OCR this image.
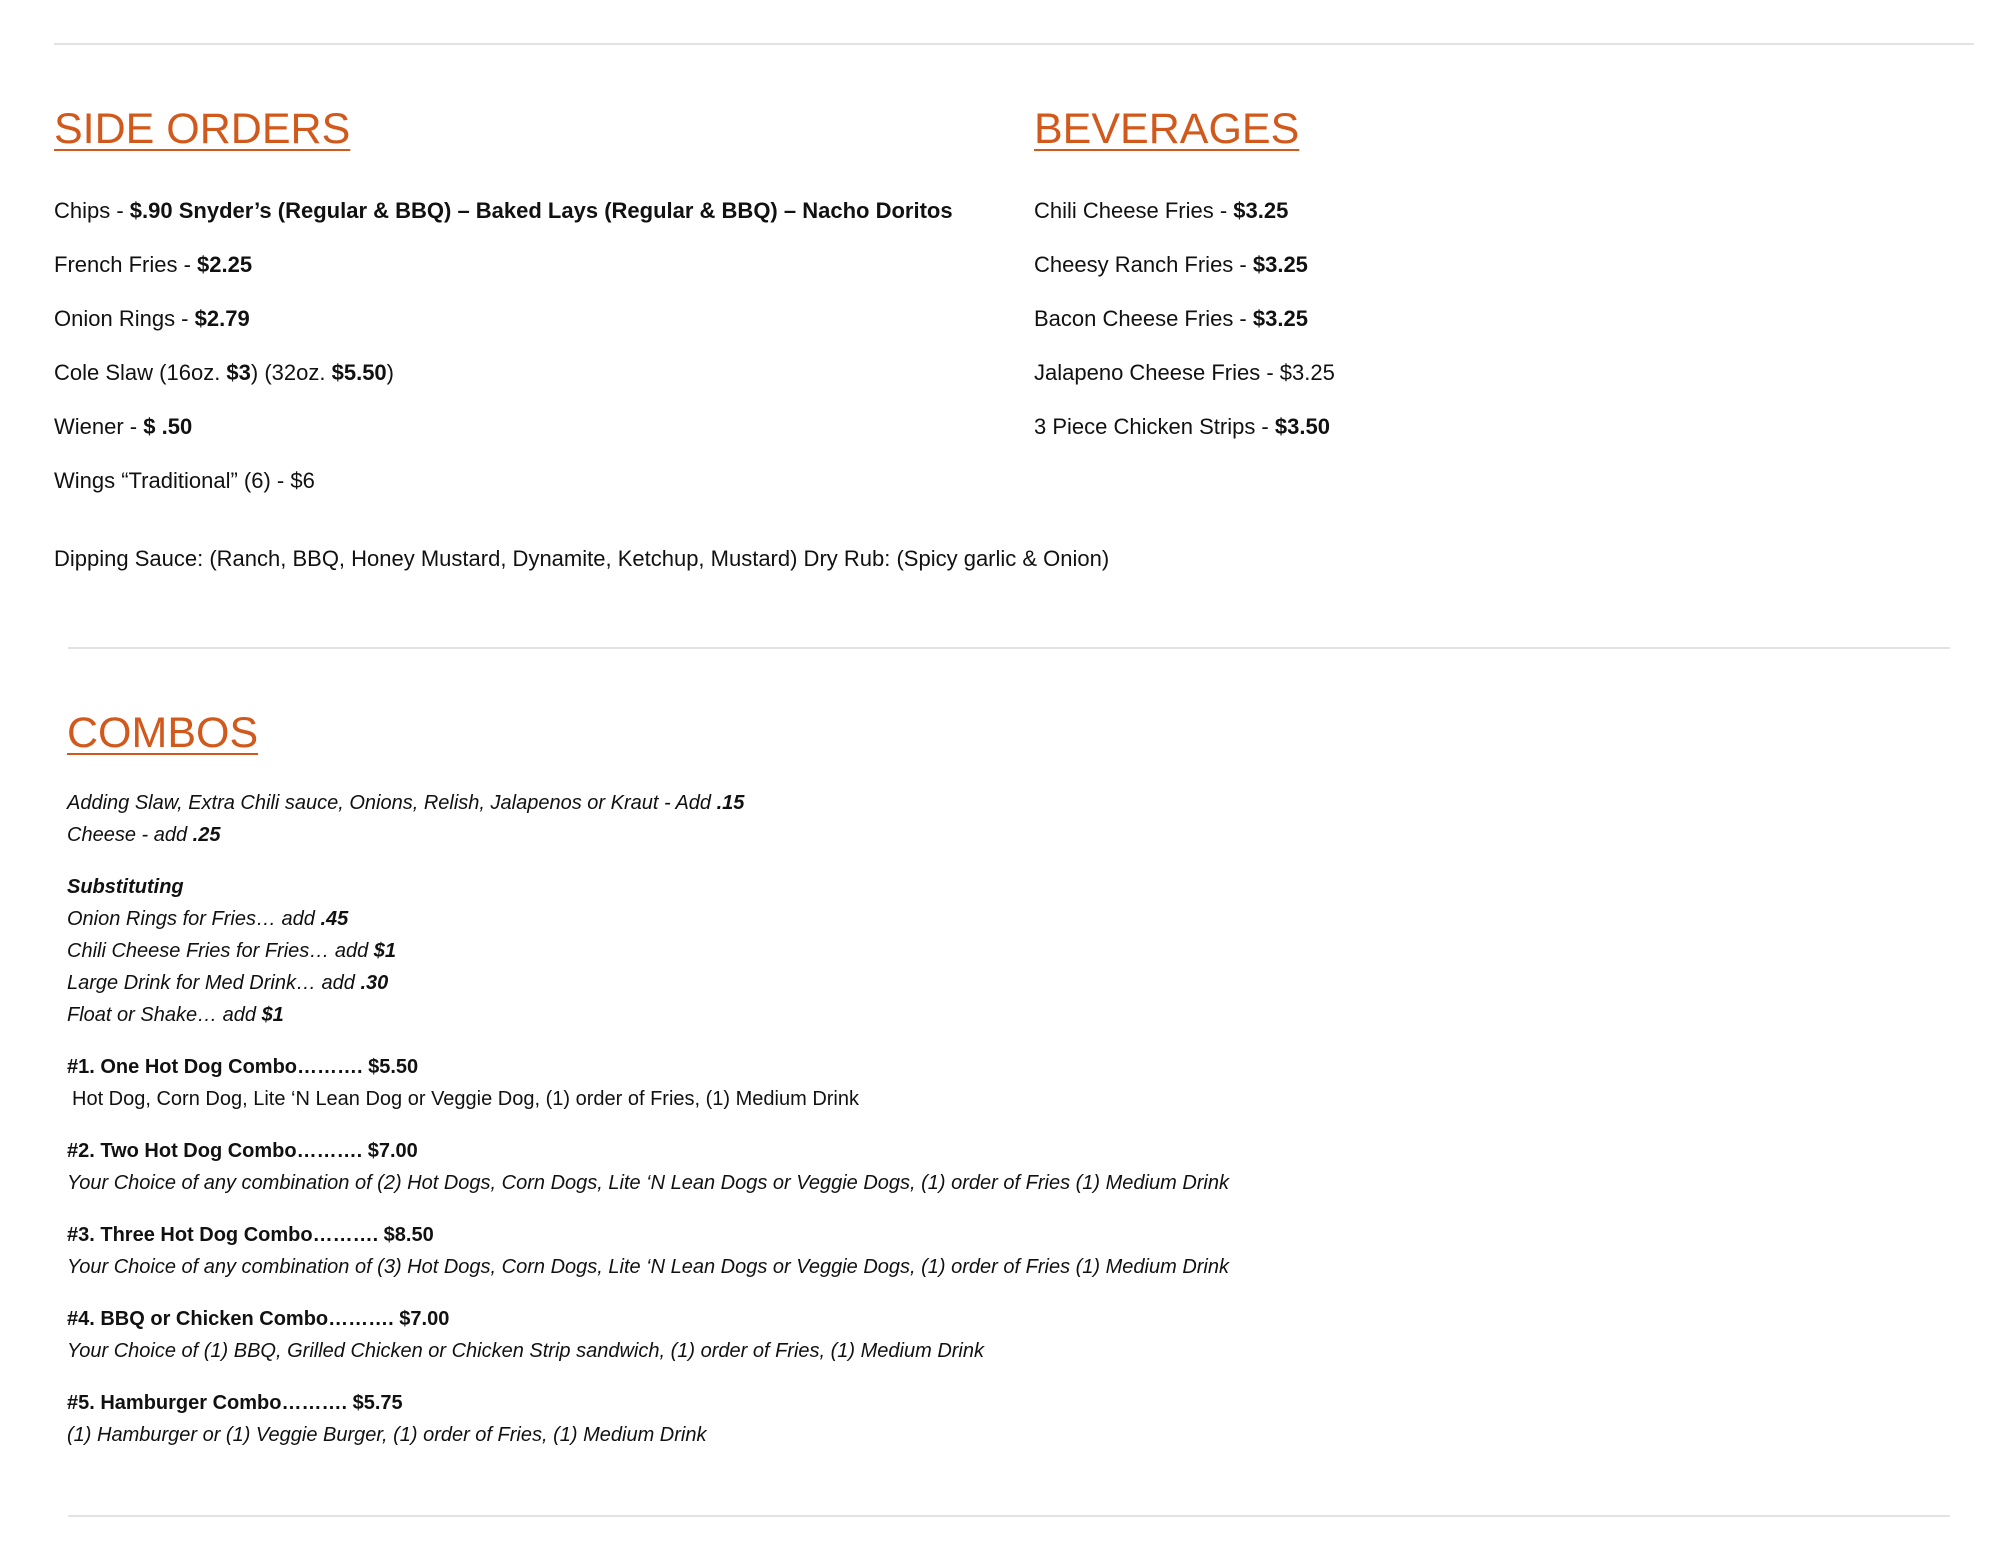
SIDE ORDERS
Chips - $.90 Snyder’s (Regular & BBQ) – Baked Lays (Regular & BBQ) – Nacho Doritos
French Fries - $2.25
Onion Rings - $2.79
Cole Slaw (16oz. $3) (32oz. $5.50)
Wiener - $ .50
Wings “Traditional” (6) - $6
Dipping Sauce: (Ranch, BBQ, Honey Mustard, Dynamite, Ketchup, Mustard) Dry Rub: (Spicy garlic & Onion)
BEVERAGES
Chili Cheese Fries - $3.25
Cheesy Ranch Fries - $3.25
Bacon Cheese Fries - $3.25
Jalapeno Cheese Fries - $3.25
3 Piece Chicken Strips - $3.50
COMBOS
Adding Slaw, Extra Chili sauce, Onions, Relish, Jalapenos or Kraut - Add .15
Cheese - add .25
Substituting
Onion Rings for Fries… add .45
Chili Cheese Fries for Fries… add $1
Large Drink for Med Drink… add .30
Float or Shake… add $1
#1. One Hot Dog Combo………. $5.50
Hot Dog, Corn Dog, Lite ‘N Lean Dog or Veggie Dog, (1) order of Fries, (1) Medium Drink
#2. Two Hot Dog Combo………. $7.00
Your Choice of any combination of (2) Hot Dogs, Corn Dogs, Lite ‘N Lean Dogs or Veggie Dogs, (1) order of Fries (1) Medium Drink
#3. Three Hot Dog Combo………. $8.50
Your Choice of any combination of (3) Hot Dogs, Corn Dogs, Lite ‘N Lean Dogs or Veggie Dogs, (1) order of Fries (1) Medium Drink
#4. BBQ or Chicken Combo………. $7.00
Your Choice of (1) BBQ, Grilled Chicken or Chicken Strip sandwich, (1) order of Fries, (1) Medium Drink
#5. Hamburger Combo………. $5.75
(1) Hamburger or (1) Veggie Burger, (1) order of Fries, (1) Medium Drink
